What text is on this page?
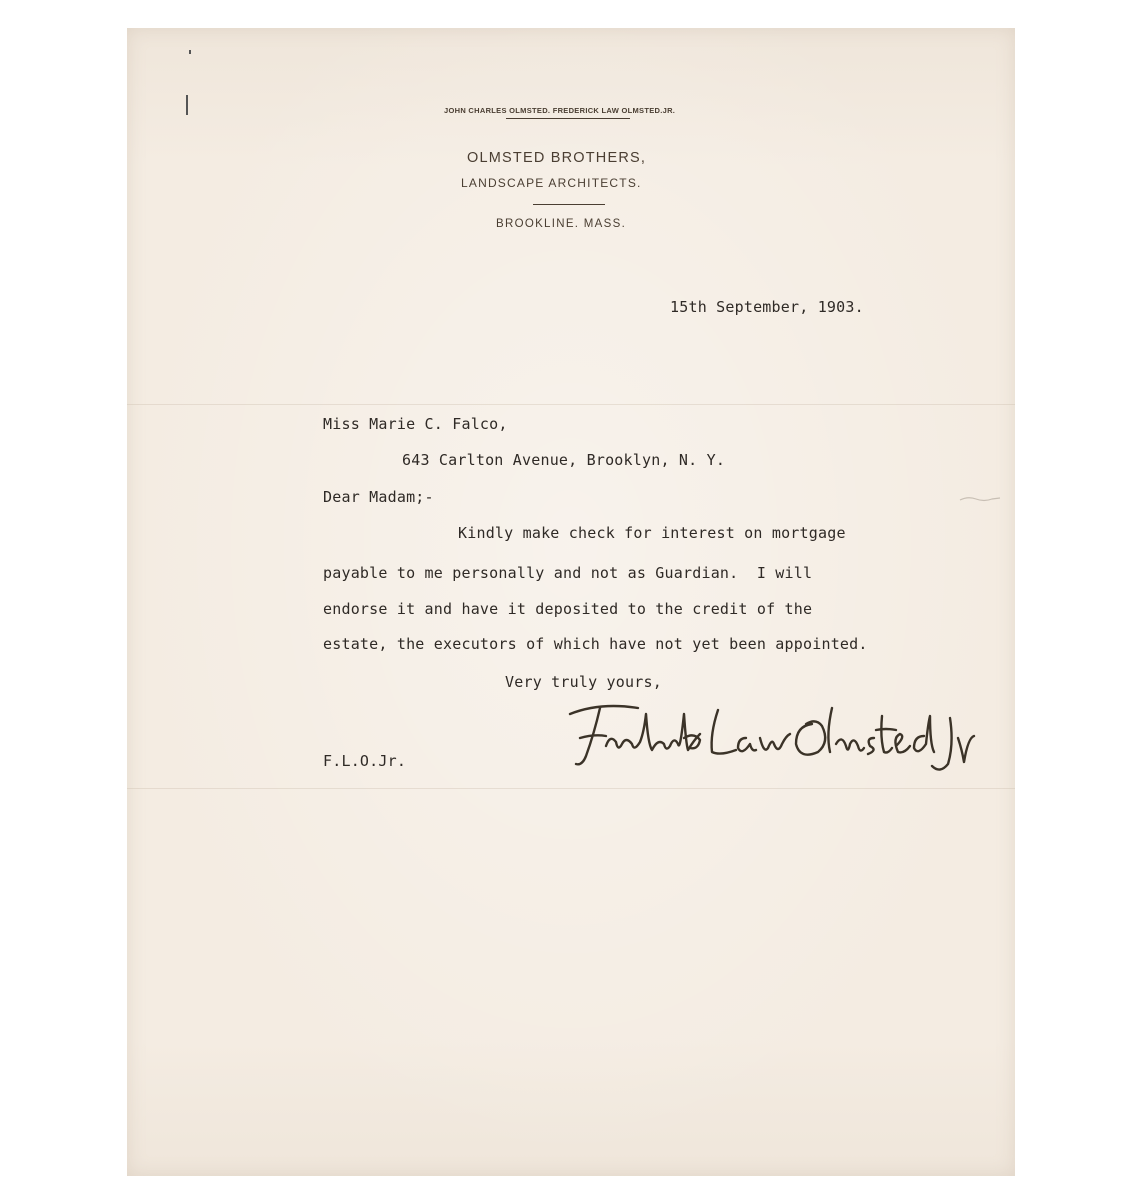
JOHN CHARLES OLMSTED. FREDERICK LAW OLMSTED.JR.
OLMSTED BROTHERS,
LANDSCAPE ARCHITECTS.
BROOKLINE. MASS.
15th September, 1903.
Miss Marie C. Falco,
643 Carlton Avenue, Brooklyn, N. Y.
Dear Madam;-
Kindly make check for interest on mortgage
payable to me personally and not as Guardian.  I will
endorse it and have it deposited to the credit of the
estate, the executors of which have not yet been appointed.
Very truly yours,
F.L.O.Jr.
